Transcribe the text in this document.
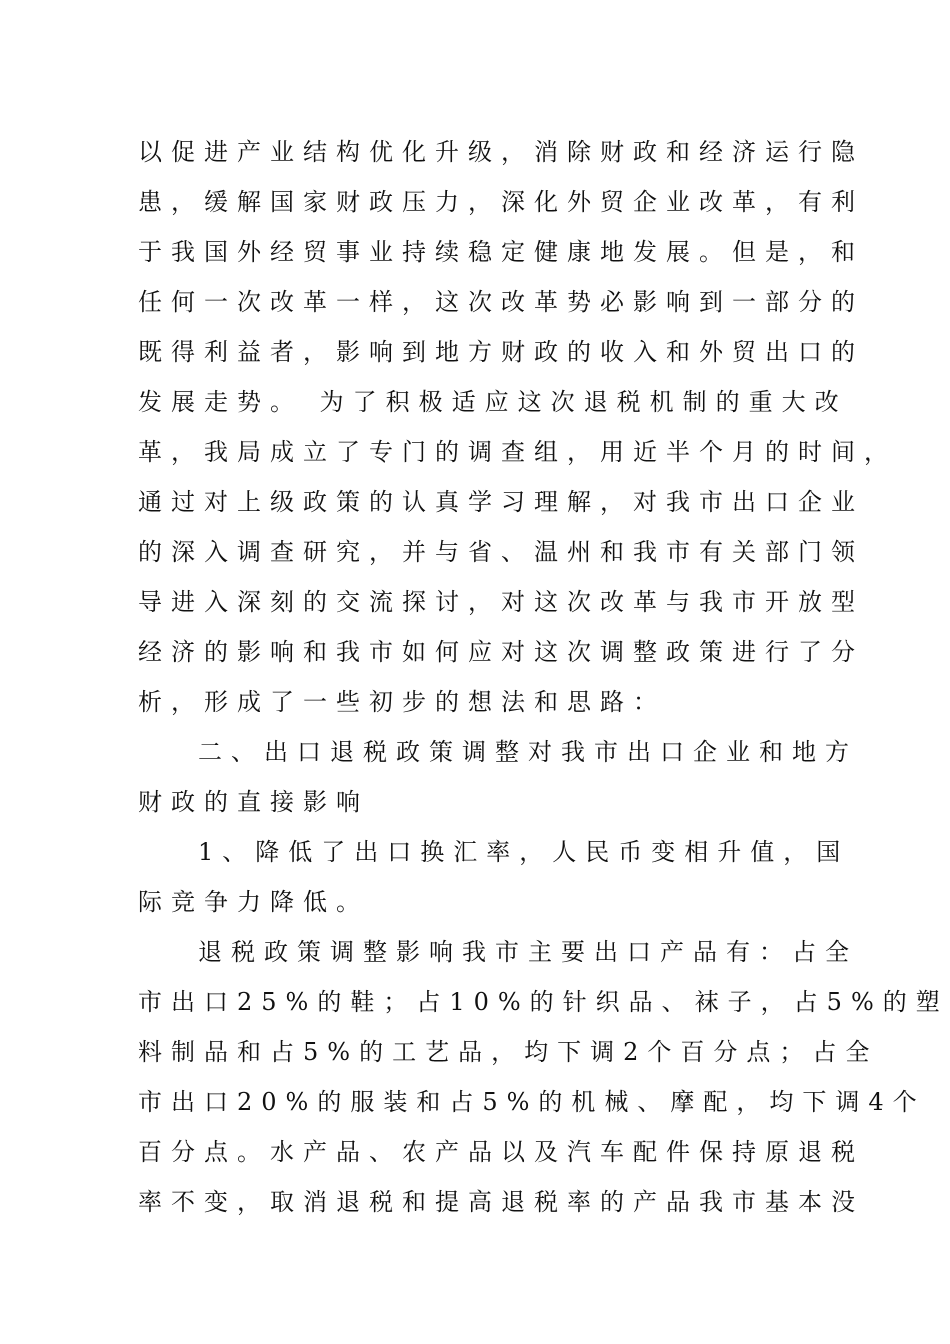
以促进产业结构优化升级，消除财政和经济运行隐
患，缓解国家财政压力，深化外贸企业改革，有利
于我国外经贸事业持续稳定健康地发展。但是，和
任何一次改革一样，这次改革势必影响到一部分的
既得利益者，影响到地方财政的收入和外贸出口的
发展走势。 为了积极适应这次退税机制的重大改
革，我局成立了专门的调查组，用近半个月的时间，
通过对上级政策的认真学习理解，对我市出口企业
的深入调查研究，并与省、温州和我市有关部门领
导进入深刻的交流探讨，对这次改革与我市开放型
经济的影响和我市如何应对这次调整政策进行了分
析，形成了一些初步的想法和思路：
二、出口退税政策调整对我市出口企业和地方
财政的直接影响
1、降低了出口换汇率，人民币变相升值，国
际竞争力降低。
退税政策调整影响我市主要出口产品有：占全
市出口25%的鞋；占10%的针织品、袜子，占5%的塑
料制品和占5%的工艺品，均下调2个百分点；占全
市出口20%的服装和占5%的机械、摩配，均下调4个
百分点。水产品、农产品以及汽车配件保持原退税
率不变，取消退税和提高退税率的产品我市基本没
